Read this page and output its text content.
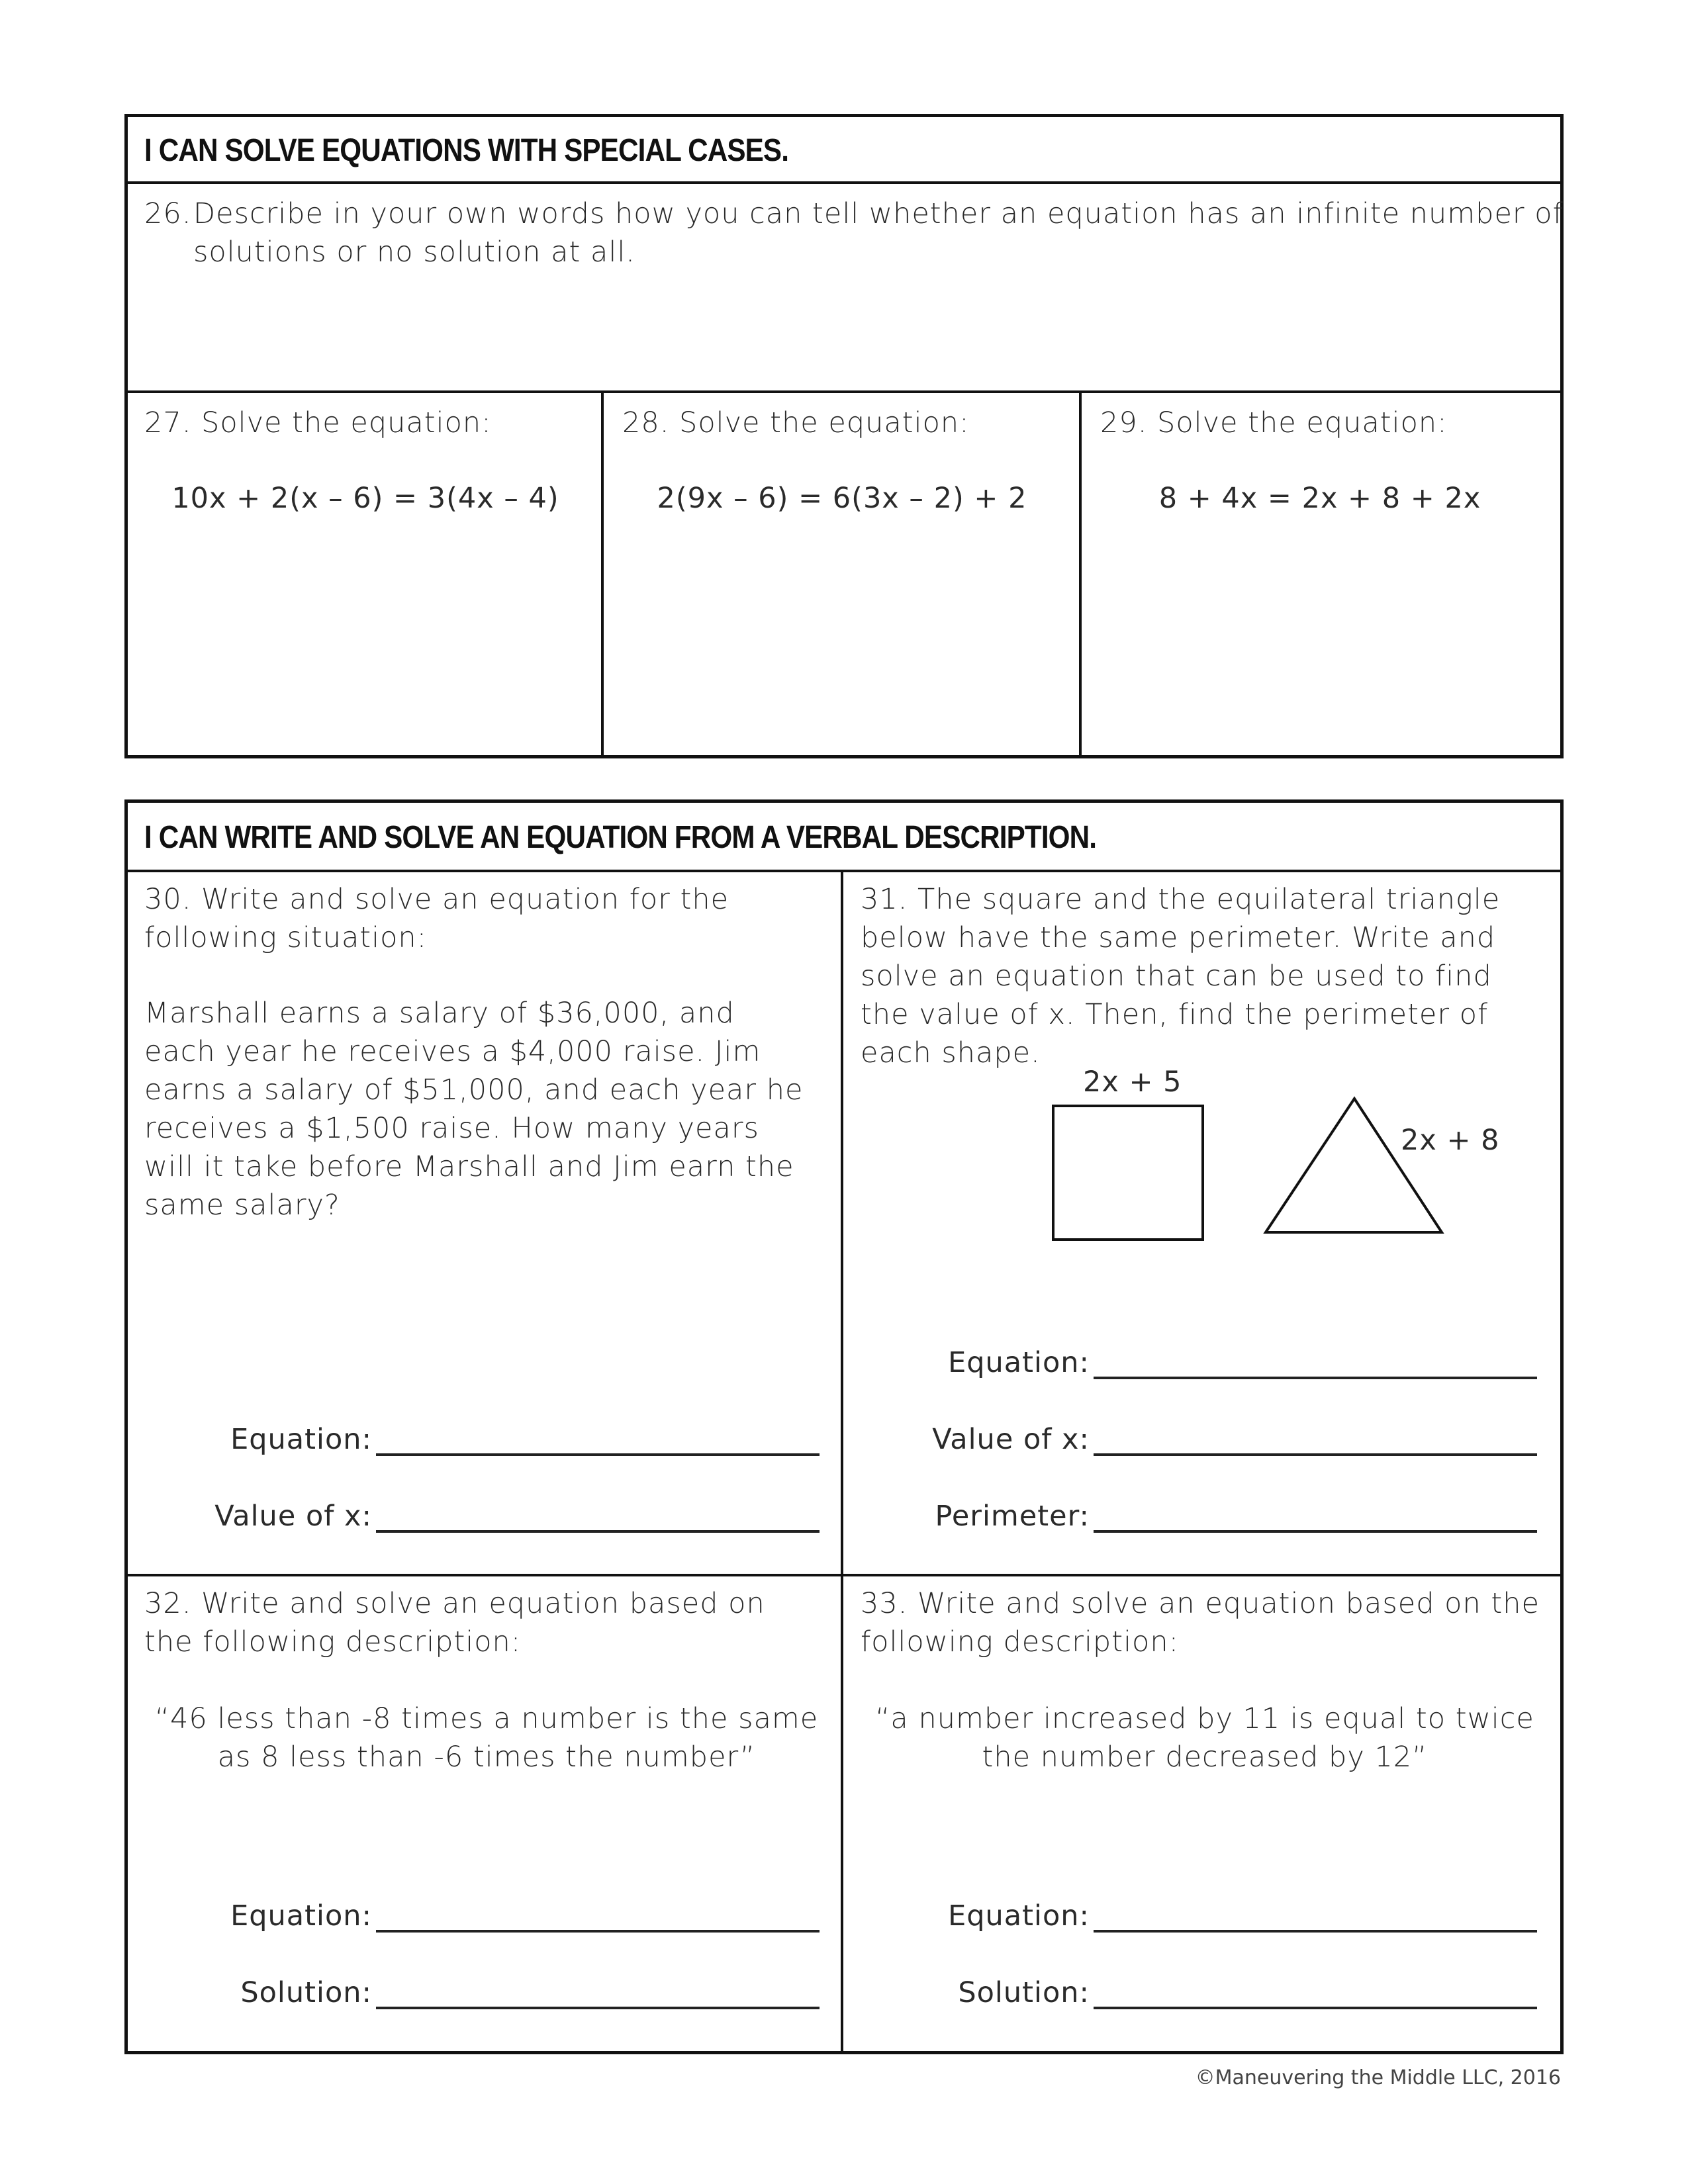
I CAN SOLVE EQUATIONS WITH SPECIAL CASES.
26. Describe in your own words how you can tell whether an equation has an infinite number of
solutions or no solution at all.
27. Solve the equation:
10x + 2(x – 6) = 3(4x – 4)
28. Solve the equation:
2(9x – 6) = 6(3x – 2) + 2
29. Solve the equation:
8 + 4x = 2x + 8 + 2x
I CAN WRITE AND SOLVE AN EQUATION FROM A VERBAL DESCRIPTION.
30. Write and solve an equation for the following situation:
Marshall earns a salary of $36,000, and each year he receives a $4,000 raise. Jim earns a salary of $51,000, and each year he receives a $1,500 raise. How many years will it take before Marshall and Jim earn the same salary?
Equation:
Value of x:
31. The square and the equilateral triangle below have the same perimeter. Write and solve an equation that can be used to find the value of x. Then, find the perimeter of each shape.
2x + 5
2x + 8
Equation:
Value of x:
Perimeter:
32. Write and solve an equation based on the following description:
“46 less than -8 times a number is the same as 8 less than -6 times the number”
Equation:
Solution:
33. Write and solve an equation based on the following description:
“a number increased by 11 is equal to twice the number decreased by 12”
Equation:
Solution:
©Maneuvering the Middle LLC, 2016
